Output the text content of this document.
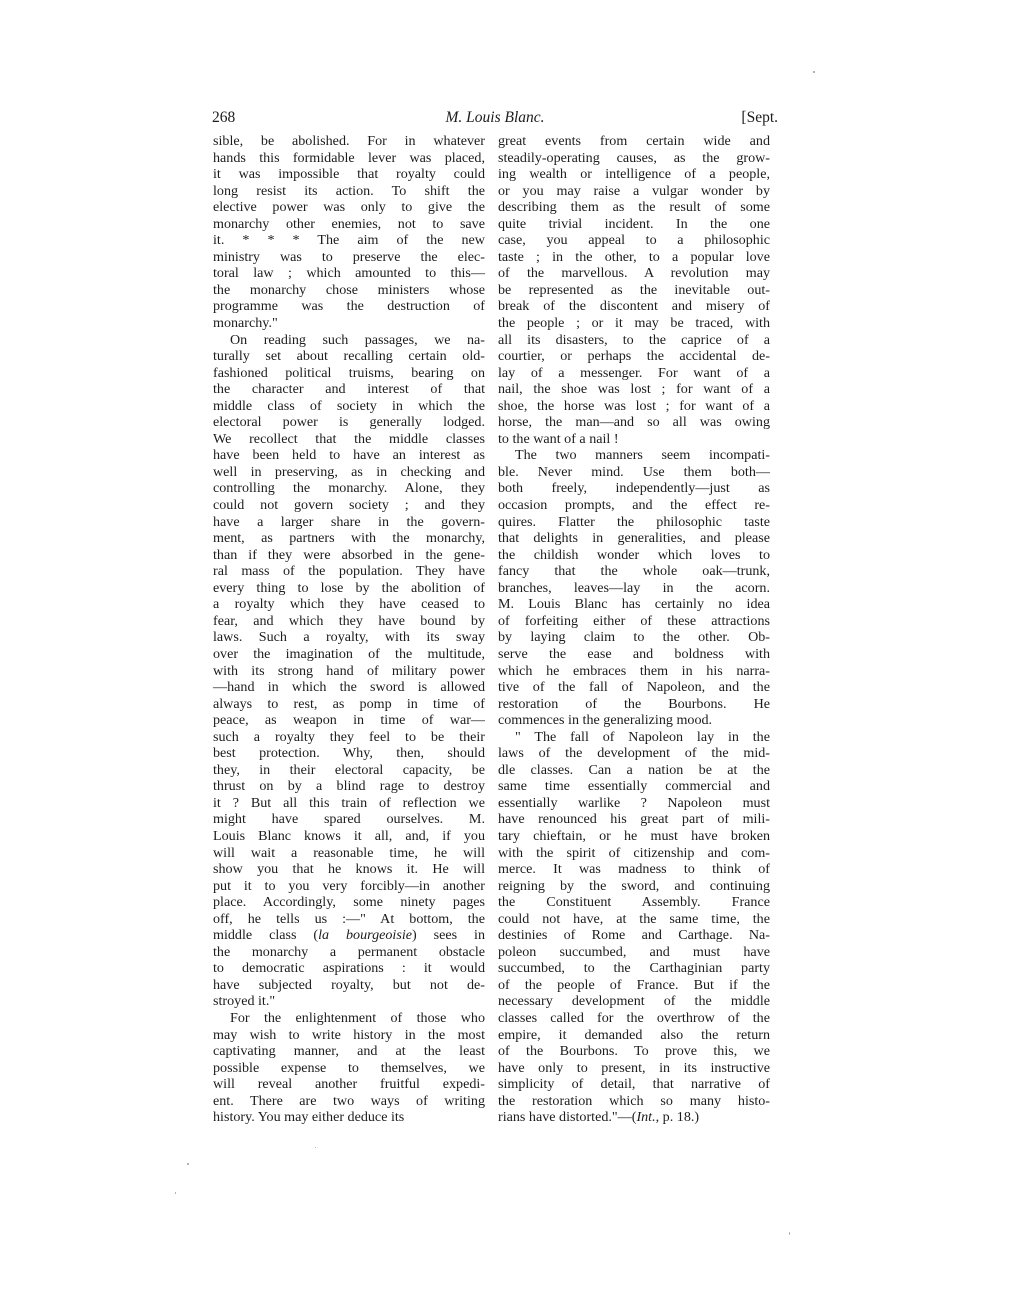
268	M. Louis Blanc.	[Sept.
sible, be abolished. For in whatever
hands this formidable lever was placed,
it was impossible that royalty could
long resist its action. To shift the
elective power was only to give the
monarchy other enemies, not to save
it. * * * The aim of the new
ministry was to preserve the elec-
toral law ; which amounted to this—
the monarchy chose ministers whose
programme was the destruction of
monarchy."
On reading such passages, we na-
turally set about recalling certain old-
fashioned political truisms, bearing on
the character and interest of that
middle class of society in which the
electoral power is generally lodged.
We recollect that the middle classes
have been held to have an interest as
well in preserving, as in checking and
controlling the monarchy. Alone, they
could not govern society ; and they
have a larger share in the govern-
ment, as partners with the monarchy,
than if they were absorbed in the gene-
ral mass of the population. They have
every thing to lose by the abolition of
a royalty which they have ceased to
fear, and which they have bound by
laws. Such a royalty, with its sway
over the imagination of the multitude,
with its strong hand of military power
—hand in which the sword is allowed
always to rest, as pomp in time of
peace, as weapon in time of war—
such a royalty they feel to be their
best protection. Why, then, should
they, in their electoral capacity, be
thrust on by a blind rage to destroy
it ? But all this train of reflection we
might have spared ourselves. M.
Louis Blanc knows it all, and, if you
will wait a reasonable time, he will
show you that he knows it. He will
put it to you very forcibly—in another
place. Accordingly, some ninety pages
off, he tells us :—" At bottom, the
middle class (la bourgeoisie) sees in
the monarchy a permanent obstacle
to democratic aspirations : it would
have subjected royalty, but not de-
stroyed it."
For the enlightenment of those who
may wish to write history in the most
captivating manner, and at the least
possible expense to themselves, we
will reveal another fruitful expedi-
ent. There are two ways of writing
history. You may either deduce its
great events from certain wide and
steadily-operating causes, as the grow-
ing wealth or intelligence of a people,
or you may raise a vulgar wonder by
describing them as the result of some
quite trivial incident. In the one
case, you appeal to a philosophic
taste ; in the other, to a popular love
of the marvellous. A revolution may
be represented as the inevitable out-
break of the discontent and misery of
the people ; or it may be traced, with
all its disasters, to the caprice of a
courtier, or perhaps the accidental de-
lay of a messenger. For want of a
nail, the shoe was lost ; for want of a
shoe, the horse was lost ; for want of a
horse, the man—and so all was owing
to the want of a nail !
The two manners seem incompati-
ble. Never mind. Use them both—
both freely, independently—just as
occasion prompts, and the effect re-
quires. Flatter the philosophic taste
that delights in generalities, and please
the childish wonder which loves to
fancy that the whole oak—trunk,
branches, leaves—lay in the acorn.
M. Louis Blanc has certainly no idea
of forfeiting either of these attractions
by laying claim to the other. Ob-
serve the ease and boldness with
which he embraces them in his narra-
tive of the fall of Napoleon, and the
restoration of the Bourbons. He
commences in the generalizing mood.
" The fall of Napoleon lay in the
laws of the development of the mid-
dle classes. Can a nation be at the
same time essentially commercial and
essentially warlike ? Napoleon must
have renounced his great part of mili-
tary chieftain, or he must have broken
with the spirit of citizenship and com-
merce. It was madness to think of
reigning by the sword, and continuing
the Constituent Assembly. France
could not have, at the same time, the
destinies of Rome and Carthage. Na-
poleon succumbed, and must have
succumbed, to the Carthaginian party
of the people of France. But if the
necessary development of the middle
classes called for the overthrow of the
empire, it demanded also the return
of the Bourbons. To prove this, we
have only to present, in its instructive
simplicity of detail, that narrative of
the restoration which so many histo-
rians have distorted."—(Int., p. 18.)
